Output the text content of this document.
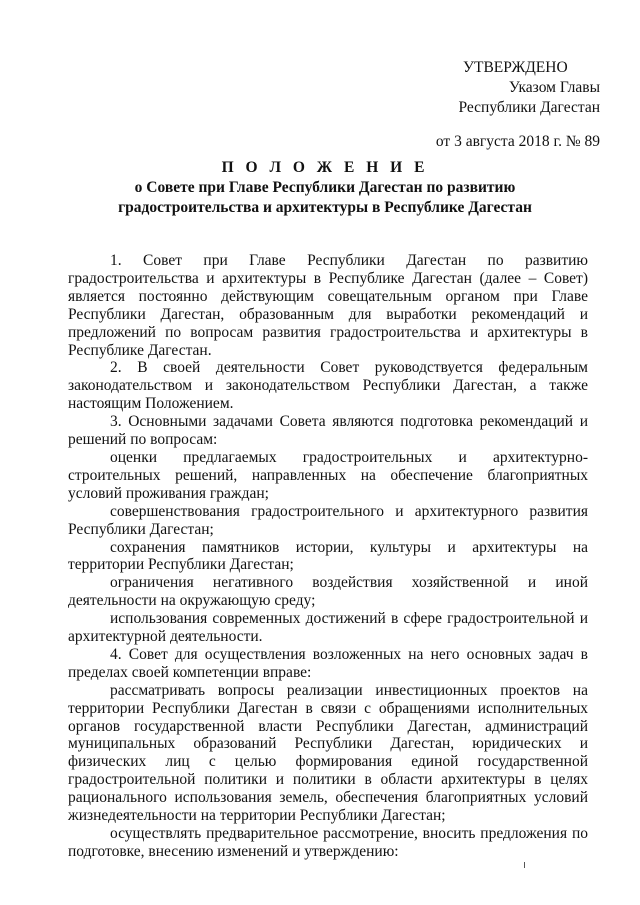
УТВЕРЖДЕНО
Указом Главы
Республики Дагестан
от 3 августа 2018 г. № 89
П О Л О Ж Е Н И Е
о Совете при Главе Республики Дагестан по развитию
градостроительства и архитектуры в Республике Дагестан

1. Совет при Главе Республики Дагестан по развитию градостроительства и архитектуры в Республике Дагестан (далее – Совет) является постоянно действующим совещательным органом при Главе Республики Дагестан, образованным для выработки рекомендаций и предложений по вопросам развития градостроительства и архитектуры в Республике Дагестан.

2. В своей деятельности Совет руководствуется федеральным законодательством и законодательством Республики Дагестан, а также настоящим Положением.

3. Основными задачами Совета являются подготовка рекомендаций и решений по вопросам:

оценки предлагаемых градостроительных и архитектурно-строительных решений, направленных на обеспечение благоприятных условий проживания граждан;

совершенствования градостроительного и архитектурного развития Республики Дагестан;

сохранения памятников истории, культуры и архитектуры на территории Республики Дагестан;

ограничения негативного воздействия хозяйственной и иной деятельности на окружающую среду;

использования современных достижений в сфере градостроительной и архитектурной деятельности.

4. Совет для осуществления возложенных на него основных задач в пределах своей компетенции вправе:

рассматривать вопросы реализации инвестиционных проектов на территории Республики Дагестан в связи с обращениями исполнительных органов государственной власти Республики Дагестан, администраций муниципальных образований Республики Дагестан, юридических и физических лиц с целью формирования единой государственной градостроительной политики и политики в области архитектуры в целях рационального использования земель, обеспечения благоприятных условий жизнедеятельности на территории Республики Дагестан;

осуществлять предварительное рассмотрение, вносить предложения по подготовке, внесению изменений и утверждению:
